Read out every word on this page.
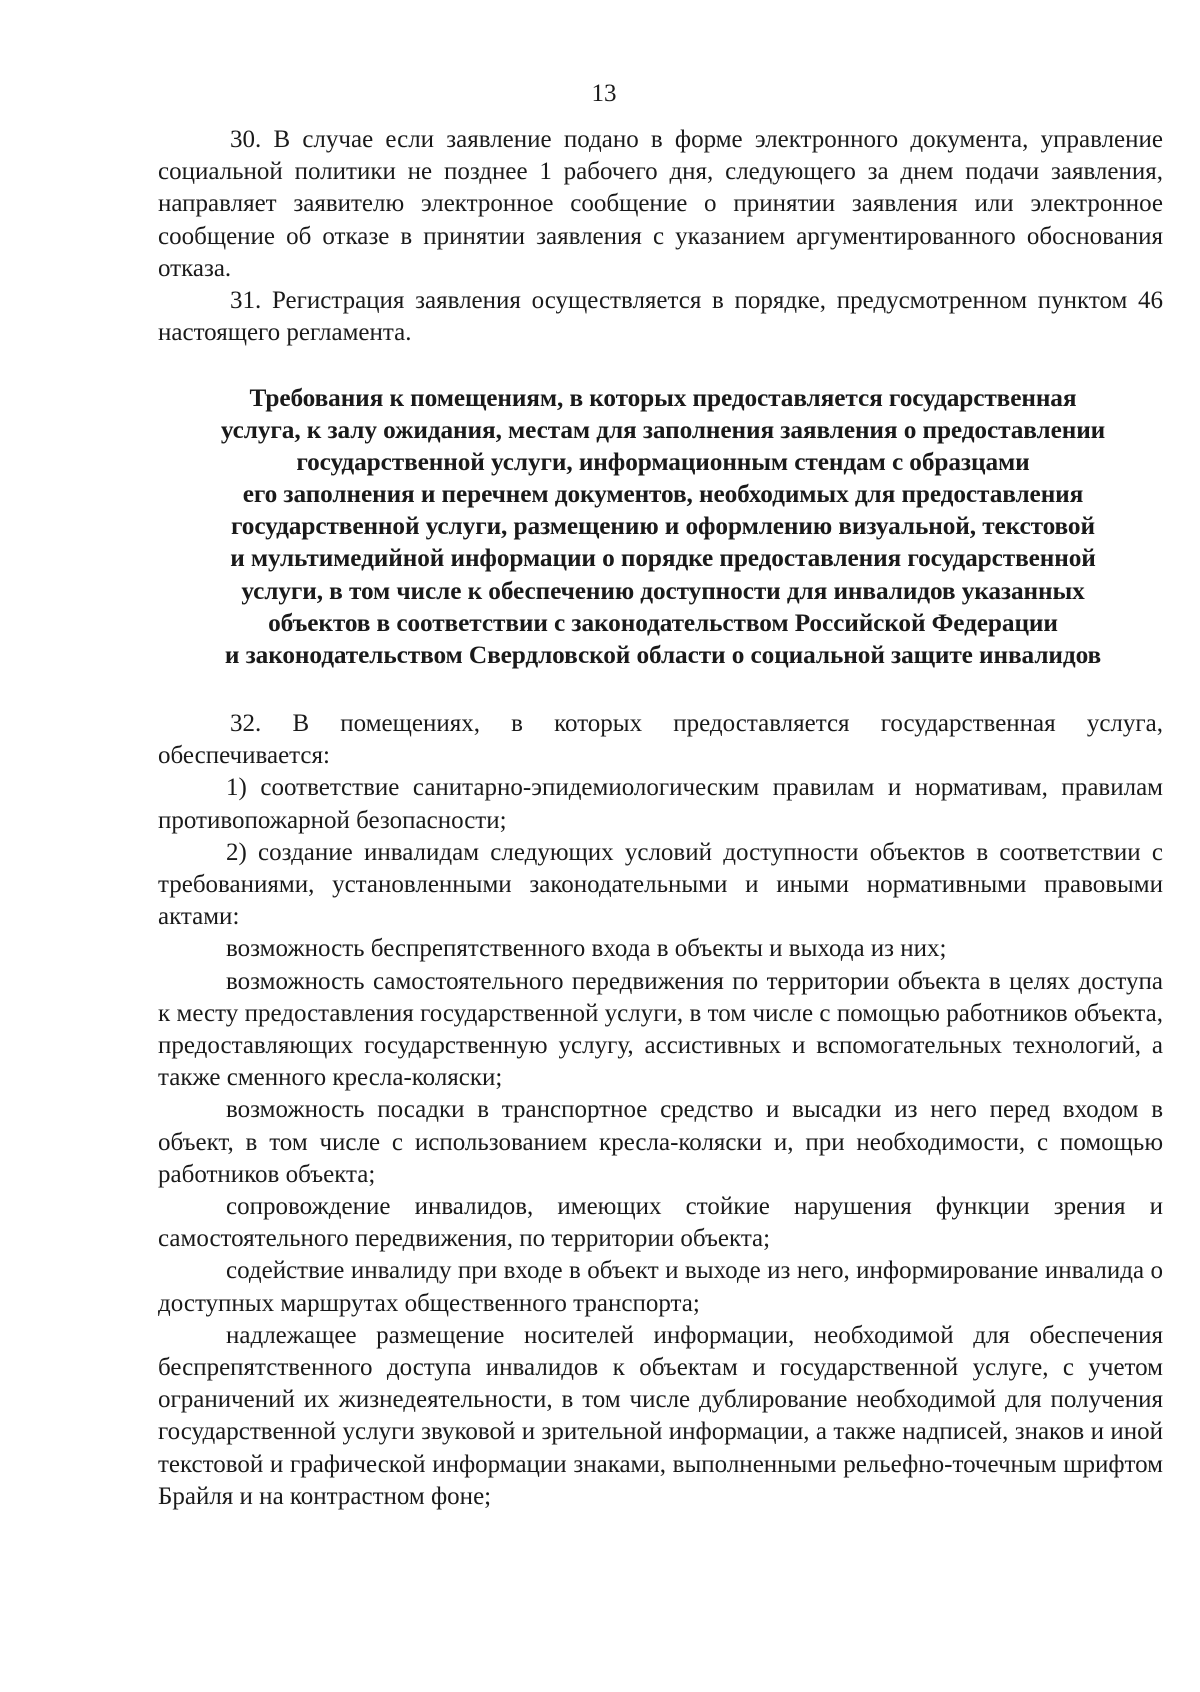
13

30. В случае если заявление подано в форме электронного документа, управление социальной политики не позднее 1 рабочего дня, следующего за днем подачи заявления, направляет заявителю электронное сообщение о принятии заявления или электронное сообщение об отказе в принятии заявления с указанием аргументированного обоснования отказа.

31. Регистрация заявления осуществляется в порядке, предусмотренном пунктом 46 настоящего регламента.

Требования к помещениям, в которых предоставляется государственная
услуга, к залу ожидания, местам для заполнения заявления о предоставлении
государственной услуги, информационным стендам с образцами
его заполнения и перечнем документов, необходимых для предоставления
государственной услуги, размещению и оформлению визуальной, текстовой
и мультимедийной информации о порядке предоставления государственной
услуги, в том числе к обеспечению доступности для инвалидов указанных
объектов в соответствии с законодательством Российской Федерации
и законодательством Свердловской области о социальной защите инвалидов

32. В помещениях, в которых предоставляется государственная услуга, обеспечивается:

1) соответствие санитарно-эпидемиологическим правилам и нормативам, правилам противопожарной безопасности;

2) создание инвалидам следующих условий доступности объектов в соответствии с требованиями, установленными законодательными и иными нормативными правовыми актами:

возможность беспрепятственного входа в объекты и выхода из них;

возможность самостоятельного передвижения по территории объекта в целях доступа к месту предоставления государственной услуги, в том числе с помощью работников объекта, предоставляющих государственную услугу, ассистивных и вспомогательных технологий, а также сменного кресла-коляски;

возможность посадки в транспортное средство и высадки из него перед входом в объект, в том числе с использованием кресла-коляски и, при необходимости, с помощью работников объекта;

сопровождение инвалидов, имеющих стойкие нарушения функции зрения и самостоятельного передвижения, по территории объекта;

содействие инвалиду при входе в объект и выходе из него, информирование инвалида о доступных маршрутах общественного транспорта;

надлежащее размещение носителей информации, необходимой для обеспечения беспрепятственного доступа инвалидов к объектам и государственной услуге, с учетом ограничений их жизнедеятельности, в том числе дублирование необходимой для получения государственной услуги звуковой и зрительной информации, а также надписей, знаков и иной текстовой и графической информации знаками, выполненными рельефно-точечным шрифтом Брайля и на контрастном фоне;
